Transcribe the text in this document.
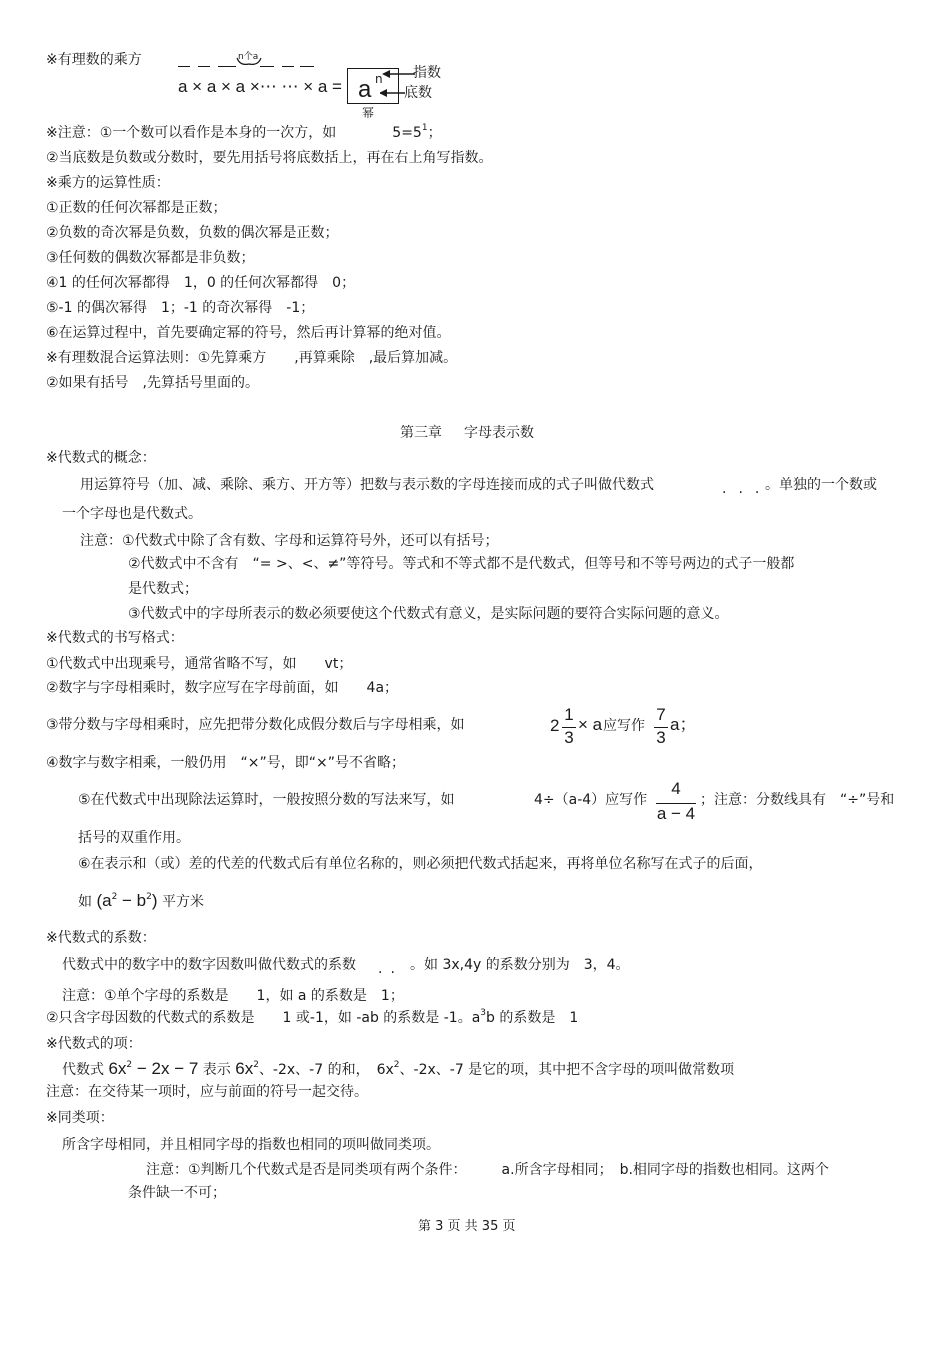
※有理数的乘方	n个a
a × a × a ×⋯ ⋯ × a = a n 指数
底数
幂
※注意：①一个数可以看作是本身的一次方，如	$5=5^1$；
②当底数是负数或分数时，要先用括号将底数括上，再在右上角写指数。
※乘方的运算性质：
①正数的任何次幂都是正数；
②负数的奇次幂是负数，负数的偶次幂是正数；
③任何数的偶数次幂都是非负数；
④1 的任何次幂都得　1，0 的任何次幂都得　0；
⑤-1 的偶次幂得　1；-1 的奇次幂得　-1；
⑥在运算过程中，首先要确定幂的符号，然后再计算幂的绝对值。
※有理数混合运算法则：①先算乘方　　,再算乘除　,最后算加减。
②如果有括号　,先算括号里面的。
第三章 字母表示数
※代数式的概念：
用运算符号（加、减、乘除、乘方、开方等）把数与表示数的字母连接而成的式子叫做代数式	...
。单独的一个数或
一个字母也是代数式。
注意：①代数式中除了含有数、字母和运算符号外，还可以有括号；
②代数式中不含有　“= >、<、≠”等符号。等式和不等式都不是代数式，但等号和不等号两边的式子一般都
是代数式；
③代数式中的字母所表示的数必须要使这个代数式有意义，是实际问题的要符合实际问题的意义。
※代数式的书写格式：
①代数式中出现乘号，通常省略不写，如　　vt；
②数字与字母相乘时，数字应写在字母前面，如　　4a；
③带分数与字母相乘时，应先把带分数化成假分数后与字母相乘，如	2
1
3
× a 应写作
7
3
a；
④数字与数字相乘，一般仍用　“×”号，即“×”号不省略；
⑤在代数式中出现除法运算时，一般按照分数的写法来写，如	4÷（a-4）应写作
4
a − 4
；注意：分数线具有　“÷”号和
括号的双重作用。
⑥在表示和（或）差的代差的代数式后有单位名称的，则必须把代数式括起来，再将单位名称写在式子的后面，
如 $(a^2 - b^2)$ 平方米
※代数式的系数：
代数式中的数字中的数字因数叫做代数式的系数 .. 。如 3x,4y 的系数分别为　3，4。
注意：①单个字母的系数是　　1，如 a 的系数是　1；
②只含字母因数的代数式的系数是　　1 或-1，如 -ab 的系数是 -1。$a^3b$ 的系数是　1
※代数式的项：
代数式 $6x^2 - 2x - 7$ 表示 $6x^2$、-2x、-7 的和，　$6x^2$、-2x、-7 是它的项，其中把不含字母的项叫做常数项
注意：在交待某一项时，应与前面的符号一起交待。
※同类项：
所含字母相同，并且相同字母的指数也相同的项叫做同类项。
注意：①判断几个代数式是否是同类项有两个条件：　　　a.所含字母相同；　b.相同字母的指数也相同。这两个
条件缺一不可；
第 3 页 共 35 页
